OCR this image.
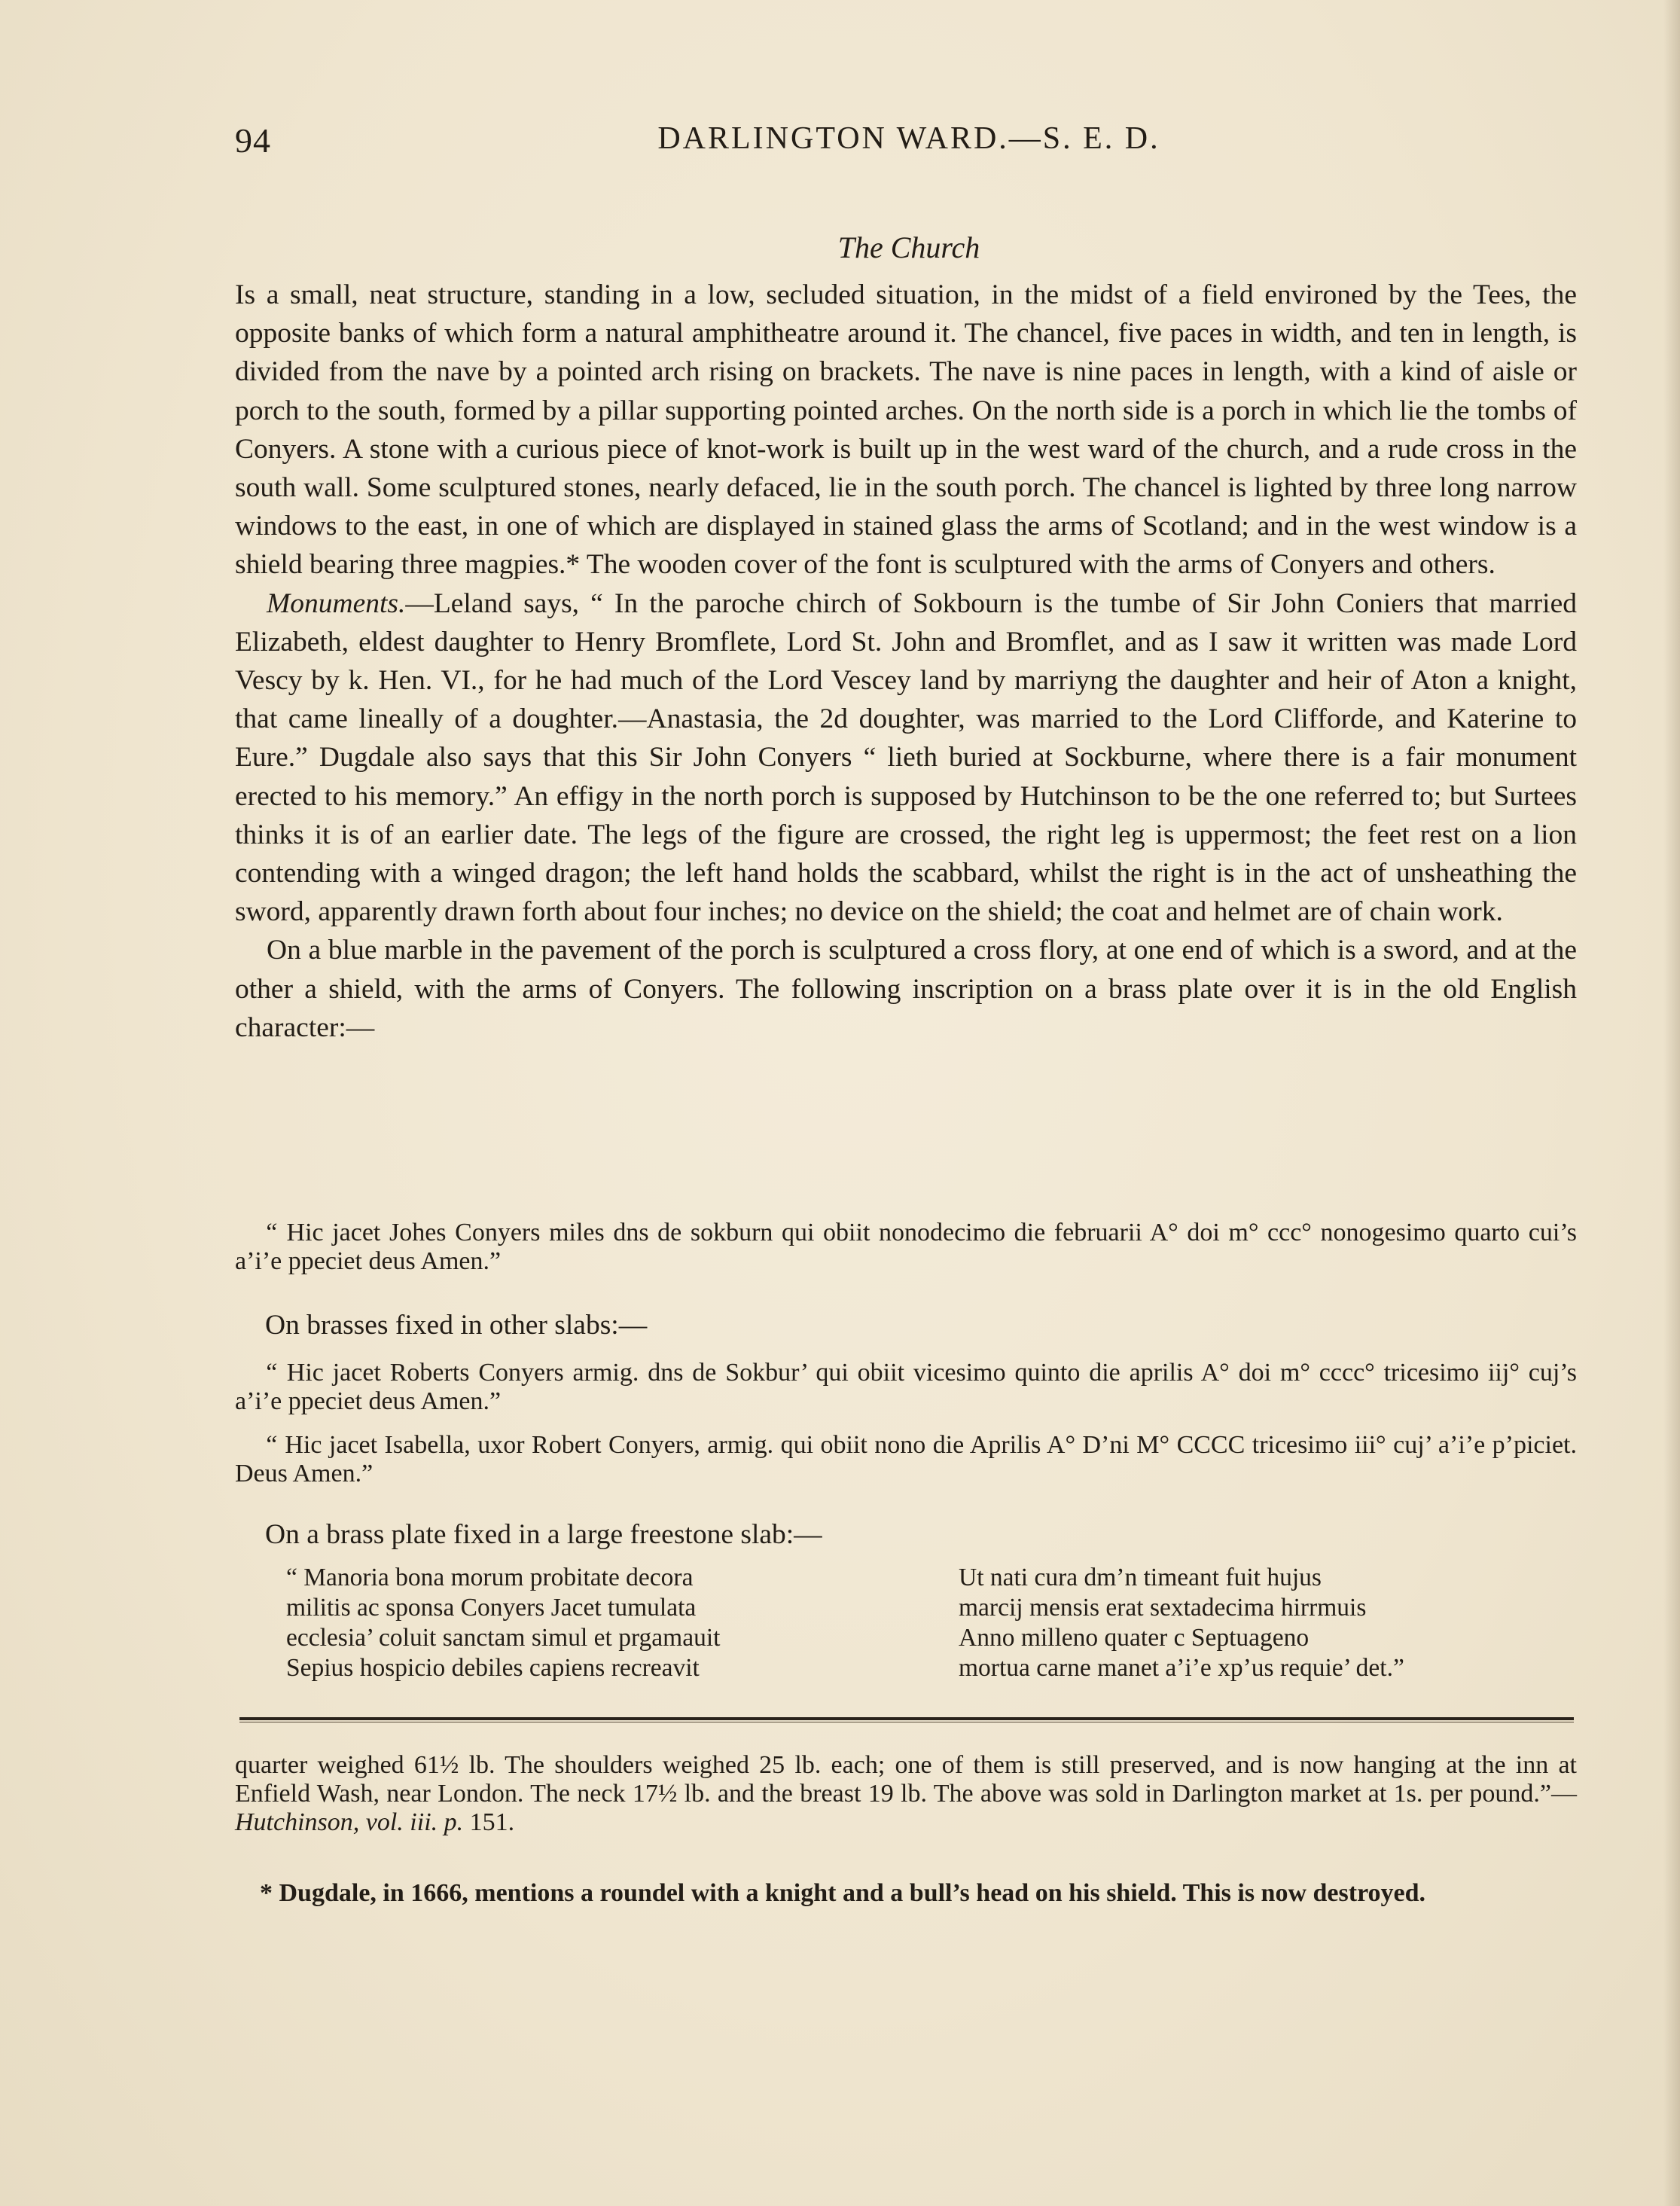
94	DARLINGTON WARD.—S. E. D.
The Church

Is a small, neat structure, standing in a low, secluded situation, in the midst of a field environed by the Tees, the opposite banks of which form a natural amphitheatre around it. The chancel, five paces in width, and ten in length, is divided from the nave by a pointed arch rising on brackets. The nave is nine paces in length, with a kind of aisle or porch to the south, formed by a pillar supporting pointed arches. On the north side is a porch in which lie the tombs of Conyers. A stone with a curious piece of knot-work is built up in the west ward of the church, and a rude cross in the south wall. Some sculptured stones, nearly defaced, lie in the south porch. The chancel is lighted by three long narrow windows to the east, in one of which are displayed in stained glass the arms of Scotland; and in the west window is a shield bearing three magpies.* The wooden cover of the font is sculptured with the arms of Conyers and others.

Monuments.—Leland says, “ In the paroche chirch of Sokbourn is the tumbe of Sir John Coniers that married Elizabeth, eldest daughter to Henry Bromflete, Lord St. John and Bromflet, and as I saw it written was made Lord Vescy by k. Hen. VI., for he had much of the Lord Vescey land by marriyng the daughter and heir of Aton a knight, that came lineally of a doughter.—Anastasia, the 2d doughter, was married to the Lord Clifforde, and Katerine to Eure.” Dugdale also says that this Sir John Conyers “ lieth buried at Sockburne, where there is a fair monument erected to his memory.” An effigy in the north porch is supposed by Hutchinson to be the one referred to; but Surtees thinks it is of an earlier date. The legs of the figure are crossed, the right leg is uppermost; the feet rest on a lion contending with a winged dragon; the left hand holds the scabbard, whilst the right is in the act of unsheathing the sword, apparently drawn forth about four inches; no device on the shield; the coat and helmet are of chain work.

On a blue marble in the pavement of the porch is sculptured a cross flory, at one end of which is a sword, and at the other a shield, with the arms of Conyers. The following inscription on a brass plate over it is in the old English character:—

“ Hic jacet Johes Conyers miles dns de sokburn qui obiit nonodecimo die februarii A° doi m° ccc° nonogesimo quarto cui’s a’i’e ppeciet deus Amen.”
On brasses fixed in other slabs:—
“ Hic jacet Roberts Conyers armig. dns de Sokbur’ qui obiit vicesimo quinto die aprilis A° doi m° cccc° tricesimo iij° cuj’s a’i’e ppeciet deus Amen.”
“ Hic jacet Isabella, uxor Robert Conyers, armig. qui obiit nono die Aprilis A° D’ni M° CCCC tricesimo iii° cuj’ a’i’e p’piciet. Deus Amen.”
On a brass plate fixed in a large freestone slab:—
“ Manoria bona morum probitate decora
militis ac sponsa Conyers Jacet tumulata
ecclesia’ coluit sanctam simul et prgamauit
Sepius hospicio debiles capiens recreavit
Ut nati cura dm’n timeant fuit hujus
marcij mensis erat sextadecima hirrmuis
Anno milleno quater c Septuageno
mortua carne manet a’i’e xp’us requie’ det.”
quarter weighed 61½ lb. The shoulders weighed 25 lb. each; one of them is still preserved, and is now hanging at the inn at Enfield Wash, near London. The neck 17½ lb. and the breast 19 lb. The above was sold in Darlington market at 1s. per pound.”—Hutchinson, vol. iii. p. 151.
* Dugdale, in 1666, mentions a roundel with a knight and a bull’s head on his shield. This is now destroyed.
